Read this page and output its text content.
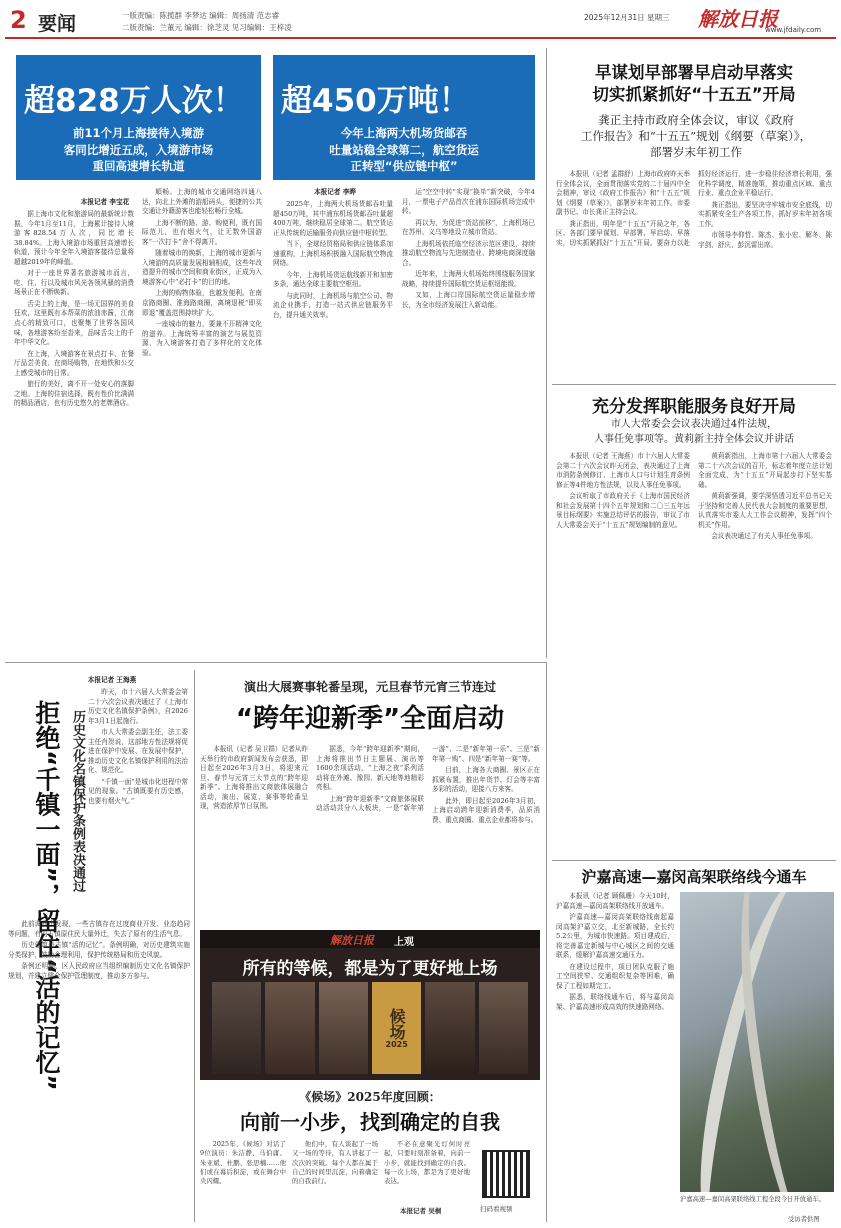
2 要闻	一版责编：陈揽群 李梦达 编辑：周扬清 范志睿
二版责编：兰董元 编辑：徐芝灵 见习编辑：王梓凌
2025年12月31日 星期三 解放日报
www.jfdaily.com
超828万人次！
前11个月上海接待入境游
客同比增近五成，入境游市场
重回高速增长轨道
本报记者 李宝花

据上海市文化和旅游局的最新统计数据，今年1月至11月，上海累计接待入境游客828.54万人次，同比增长38.84%。上海入境游市场重回高速增长轨道，预计今年全年入境游客接待总量将超越2019年的峰值。

对于一座世界著名旅游城市而言，吃、住、行以及城市风光各领风骚的消费场景正在不断焕新。

舌尖上的上海，是一场无国界的美食狂欢，这里既有本帮菜的浓油赤酱，江南点心的精致可口，也聚集了世界各国风味，各地游客纷至沓来，品味舌尖上的千年中华文化。

在上海，入境游客在景点打卡、在餐厅品尝美食、在商场购物，在地铁和公交上感受城市的日常。

旅行的美好，离不开一处安心的落脚之地。上海的住宿选择，既有性价比满满的精品酒店，也有历史悠久的老牌酒店。

順畅。上海的城市交通网络四通八达，向北上外滩的游船码头，便捷的公共交通让外籍游客也能轻松畅行全城。

上海不断的路、游、购便利，既有国际范儿，也有烟火气，让无数外国游客“一次打卡”舍不得离开。

随着城市的焕新，上海的城市更新与入境游的高质量发展相辅相成，这些年改造提升的城市空间和商业街区，正成为入境游客心中“必打卡”的目的地。

上海的购物体验，也越发便利。在南京路商圈、淮海路商圈，离境退税“即买即退”覆盖范围持续扩大。

一座城市的魅力，要兼不开精神文化的滋养。上海统筹丰富的演艺与展览资源，为入境游客打造了多样化的文化体验。

超450万吨！
今年上海两大机场货邮吞
吐量站稳全球第二，航空货运
正转型“供应链中枢”
本报记者 李晔

2025年，上海两大机场货邮吞吐量超450万吨，其中浦东机场货邮吞吐量超400万吨，继续稳居全球第二。航空货运正从传统的运输服务向供应链中枢转型。

当下，全球经贸格局和供应链体系加速重构，上海机场积极融入国际航空物流网络。

今年，上海机场货运航线新开和加密多条，通达全球主要航空枢纽。

与此同时，上海机场与航空公司、物流企业携手，打造一站式供应链服务平台，提升通关效率。

运“空空中转”实现“换单”新突破，今年4月，一票电子产品首次在浦东国际机场完成中转。

再以为，为促进“货站前移”，上海机场已在苏州、义乌等地设立城市货站。

上海机场依托临空经济示范区建设，持续推动航空物流与先进制造业、跨境电商深度融合。

近年来，上海两大机场始终围绕服务国家战略，持续提升国际航空货运枢纽能级。

又如，上海口岸国际航空货运量稳步增长，为全市经济发展注入新动能。

早谋划早部署早启动早落实
切实抓紧抓好“十五五”开局
龚正主持市政府全体会议，审议《政府
工作报告》和“十五五”规划《纲要（草案）》，
部署岁末年初工作

本报讯（记者 孟群舒）上海市政府昨天举行全体会议，全面贯彻落实党的二十届四中全会精神，审议《政府工作报告》和“十五五”规划《纲要（草案）》，部署岁末年初工作。市委副书记、市长龚正主持会议。

龚正指出，明年是“十五五”开局之年，各区、各部门要早谋划、早部署、早启动、早落实，切实抓紧抓好“十五五”开局。要奋力以赴抓好经济运行，进一步稳住经济增长利用，强化科学调度，精准施策，推动重点区域、重点行业、重点企业平稳运行。

龚正指出，要坚决守牢城市安全底线，切实抓紧安全生产各项工作，抓好岁末年初各项工作。

市领导李仰哲、陈杰、张小宏、解冬、陈宇剑、舒庆、彭沉雷出席。

充分发挥职能服务良好开局
市人大常委会会议表决通过4件法规，
人事任免事项等。黄莉新主持全体会议并讲话

本报讯（记者 王海燕）市十六届人大常委会第二十六次会议昨天闭会，表决通过了上海市消防条例修订、上海市人口与计划生育条例修正等4件地方性法规，以及人事任免事项。

会议听取了市政府关于《上海市国民经济和社会发展第十四个五年规划和二〇三五年远景目标纲要》实施总结评估的报告，审议了市人大常委会关于“十五五”规划编制的意见。

黄莉新指出，上海市第十六届人大常委会第二十六次会议的召开，标志着年度立法计划全面完成，为“十五五”开局起步打下坚实基础。

黄莉新强调，要学深悟透习近平总书记关于坚持和完善人民代表大会制度的重要思想，认真落实市委人大工作会议精神，发挥“四个机关”作用。

会议表决通过了有关人事任免事项。

演出大展赛事轮番呈现，元旦春节元宵三节连过
“跨年迎新季”全面启动

本报讯（记者 吴卫群）记者从昨天举行的市政府新闻发布会获悉，即日起至2026年3月3日，将迎来元旦、春节与元宵三大节点的“跨年迎新季”。上海将推出文商旅体展融合活动，演出、展览、赛事等轮番呈现，营造浓厚节日氛围。

据悉，今年“跨年迎新季”期间，上海将推出节日主题展、演出等1600余项活动，“上海之夜”系列活动将在外滩、豫园、新天地等地精彩亮相。

上海“跨年迎新季”文商旅体展联动活动共分八大板块，一是“新年第一游”、二是“新年第一乐”、三是“新年第一购”、四是“新年第一赛”等。

目前，上海各大商圈、景区正在抓紧布置，推出年货节、灯会等丰富多彩的活动，迎接八方来客。

此外，即日起至2026年3月初，上海启动跨年迎新消费季，品质消费、重点商圈、重点企业都将参与。

本报记者 王海燕
拒绝“千镇一面”，留住“活的记忆”
历史文化名镇保护条例表决通过

昨天，市十六届人大常委会第二十六次会议表决通过了《上海市历史文化名镇保护条例》，自2026年3月1日起施行。

市人大常委会副主任，法工委主任肖贺说，这部地方性法规将促进在保护中发展、在发展中保护，推动历史文化名镇保护利用的法治化、规范化。

“千镇一面”是城市化进程中常见的现象。“古镇既要有历史感，也要有烟火气。”

此前调研中发现，一些古镇存在过度商业开发、业态趋同等问题，有的古镇原住民大量外迁，失去了原有的生活气息。

历史建筑是古镇“活的记忆”。条例明确，对历史建筑实施分类保护，鼓励合理利用，保护传统格局和历史风貌。

条例还明确，区人民政府应当组织编制历史文化名镇保护规划，并建立健全保护管理制度，推动多方参与。

解放日报 上观
所有的等候，都是为了更好地上场
候场
2025
《候场》2025年度回顾：
向前一小步，找到确定的自我

2025年，《候场》对话了9位演员：朱洁静、马伯庸、朱亚斌、杜鹏、张思楠……他们或在幕后积淀，或在舞台中央闪耀。

他们中，有人谈起了一场又一场的等待，有人讲起了一次次的突破。每个人都在属于自己的时间里沉淀，向着确定的自我前行。

不必在意聚光灯何时亮起，只要时刻准备着，向前一小步，就能找到确定的自我。每一次上场，都是为了更好地表达。

本报记者 吴桐	扫码看视频
沪嘉高速—嘉闵高架联络线今通车

本报讯（记者 顾佩珊）今天10时，沪嘉高速—嘉闵高架联络线开放通车。

沪嘉高速—嘉闵高架联络线南起嘉闵高架沪嘉立交，北至新城路，全长约5.2公里，为城市快速路。项目建成后，将完善嘉定新城与中心城区之间的交通联系，缓解沪嘉高速交通压力。

在建设过程中，项目团队克服了施工空间狭窄、交通组织复杂等困难，确保了工程如期完工。

据悉，联络线通车后，将与嘉闵高架、沪嘉高速形成高效的快速路网络。

沪嘉高速—嘉闵高架联络线工程全段今日开放通车。
受访者供图
